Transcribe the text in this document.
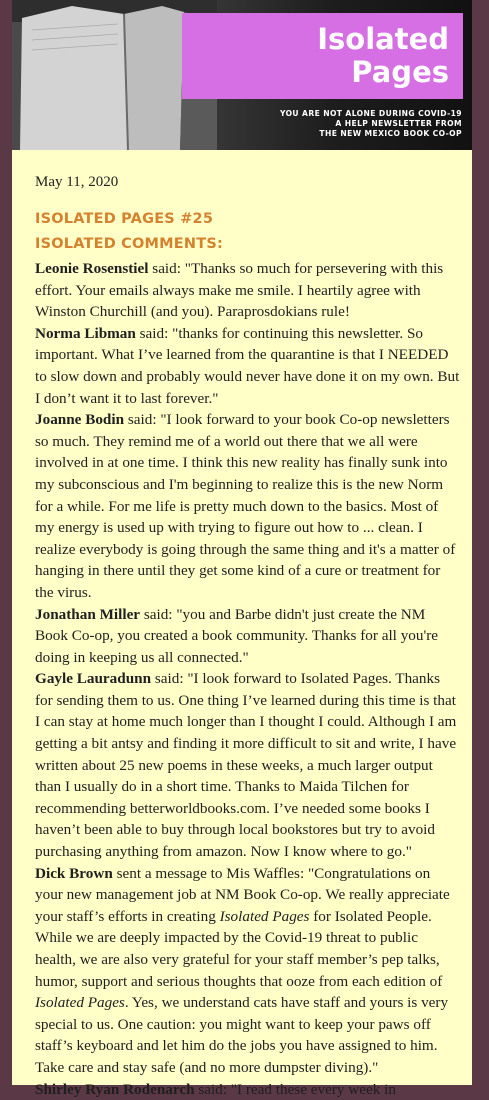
Isolated
Pages
YOU ARE NOT ALONE DURING COVID-19
A HELP NEWSLETTER FROM
THE NEW MEXICO BOOK CO-OP

May 11, 2020

ISOLATED PAGES #25
ISOLATED COMMENTS:

Leonie Rosenstiel said: "Thanks so much for persevering with this effort. Your emails always make me smile. I heartily agree with Winston Churchill (and you). Paraprosdokians rule!

Norma Libman said: "thanks for continuing this newsletter. So important. What I’ve learned from the quarantine is that I NEEDED to slow down and probably would never have done it on my own. But I don’t want it to last forever."

Joanne Bodin said: "I look forward to your book Co-op newsletters so much. They remind me of a world out there that we all were involved in at one time. I think this new reality has finally sunk into my subconscious and I'm beginning to realize this is the new Norm for a while. For me life is pretty much down to the basics. Most of my energy is used up with trying to figure out how to ... clean. I realize everybody is going through the same thing and it's a matter of hanging in there until they get some kind of a cure or treatment for the virus.

Jonathan Miller said: "you and Barbe didn't just create the NM Book Co-op, you created a book community. Thanks for all you're doing in keeping us all connected."

Gayle Lauradunn said: "I look forward to Isolated Pages. Thanks for sending them to us. One thing I’ve learned during this time is that I can stay at home much longer than I thought I could. Although I am getting a bit antsy and finding it more difficult to sit and write, I have written about 25 new poems in these weeks, a much larger output than I usually do in a short time. Thanks to Maida Tilchen for recommending betterworldbooks.com. I’ve needed some books I haven’t been able to buy through local bookstores but try to avoid purchasing anything from amazon. Now I know where to go."

Dick Brown sent a message to Mis Waffles: "Congratulations on your new management job at NM Book Co-op. We really appreciate your staff’s efforts in creating Isolated Pages for Isolated People. While we are deeply impacted by the Covid-19 threat to public health, we are also very grateful for your staff member’s pep talks, humor, support and serious thoughts that ooze from each edition of Isolated Pages. Yes, we understand cats have staff and yours is very special to us. One caution: you might want to keep your paws off staff’s keyboard and let him do the jobs you have assigned to him. Take care and stay safe (and no more dumpster diving)."

Shirley Ryan Rodenarch said: "I read these every week in
